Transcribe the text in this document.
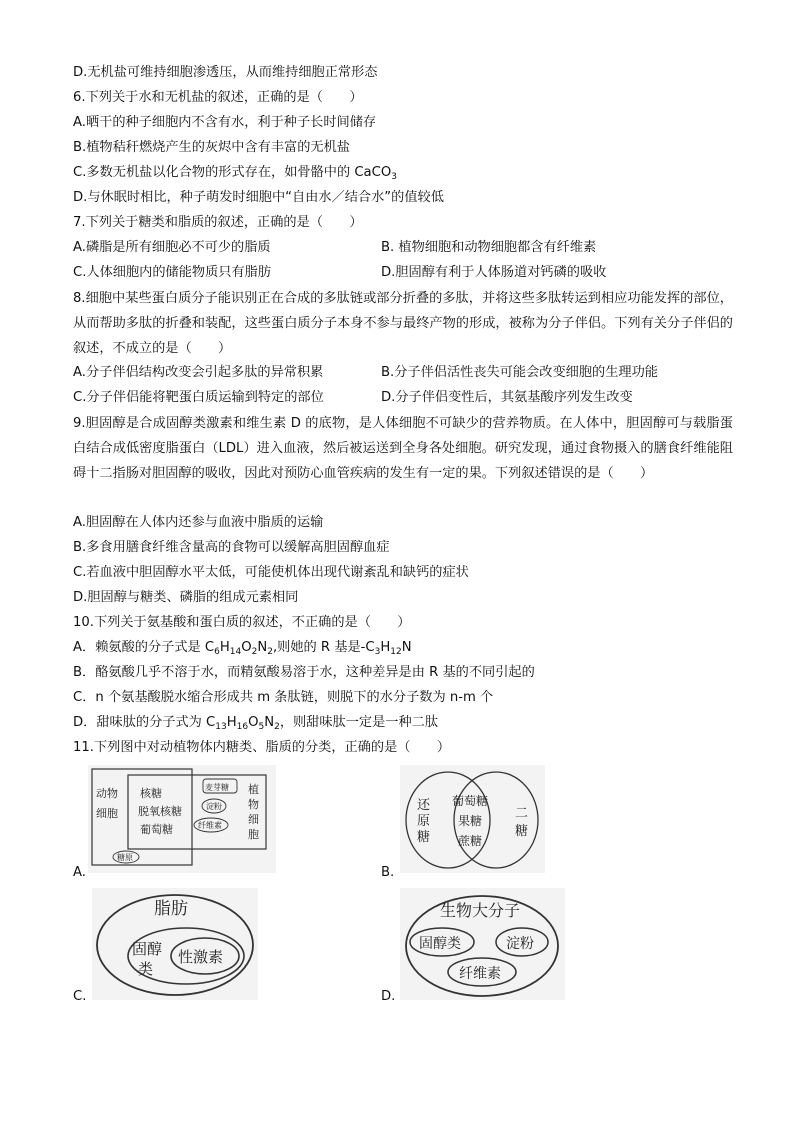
D.无机盐可维持细胞渗透压，从而维持细胞正常形态
6.下列关于水和无机盐的叙述，正确的是（　　）
A.晒干的种子细胞内不含有水，利于种子长时间储存
B.植物秸秆燃烧产生的灰烬中含有丰富的无机盐
C.多数无机盐以化合物的形式存在，如骨骼中的 CaCO$_3$
D.与休眠时相比，种子萌发时细胞中“自由水／结合水”的值较低
7.下列关于糖类和脂质的叙述，正确的是（　　）
A.磷脂是所有细胞必不可少的脂质	B. 植物细胞和动物细胞都含有纤维素
C.人体细胞内的储能物质只有脂肪	D.胆固醇有利于人体肠道对钙磷的吸收
8.细胞中某些蛋白质分子能识别正在合成的多肽链或部分折叠的多肽，并将这些多肽转运到相应功能发挥的部位，从而帮助多肽的折叠和装配，这些蛋白质分子本身不参与最终产物的形成，被称为分子伴侣。下列有关分子伴侣的叙述，不成立的是（　　）
A.分子伴侣结构改变会引起多肽的异常积累	B.分子伴侣活性丧失可能会改变细胞的生理功能
C.分子伴侣能将靶蛋白质运输到特定的部位	D.分子伴侣变性后，其氨基酸序列发生改变
9.胆固醇是合成固醇类激素和维生素 D 的底物，是人体细胞不可缺少的营养物质。在人体中，胆固醇可与载脂蛋白结合成低密度脂蛋白（LDL）进入血液，然后被运送到全身各处细胞。研究发现，通过食物摄入的膳食纤维能阻碍十二指肠对胆固醇的吸收，因此对预防心血管疾病的发生有一定的果。下列叙述错误的是（　　）
A.胆固醇在人体内还参与血液中脂质的运输
B.多食用膳食纤维含量高的食物可以缓解高胆固醇血症
C.若血液中胆固醇水平太低，可能使机体出现代谢紊乱和缺钙的症状
D.胆固醇与糖类、磷脂的组成元素相同
10.下列关于氨基酸和蛋白质的叙述，不正确的是（　　）
A．赖氨酸的分子式是 $C_6H_{14}O_2N_2$,则她的 R 基是$-C_3H_{12}N$
B．酪氨酸几乎不溶于水，而精氨酸易溶于水，这种差异是由 R 基的不同引起的
C．n 个氨基酸脱水缩合形成共 m 条肽链，则脱下的水分子数为 n-m 个
D．甜味肽的分子式为 $C_{13}H_{16}O_5N_2$，则甜味肽一定是一种二肽
11.下列图中对动植物体内糖类、脂质的分类，正确的是（　　）
A.
动物
细胞
核糖
脱氧核糖
葡萄糖
麦芽糖
淀粉
纤维素
植
物
细
胞
糖原
B.
还
原
糖
葡萄糖
果糖
蔗糖
二
糖
C.
脂肪
固醇
类
性激素
D.
生物大分子
固醇类	淀粉
纤维素
